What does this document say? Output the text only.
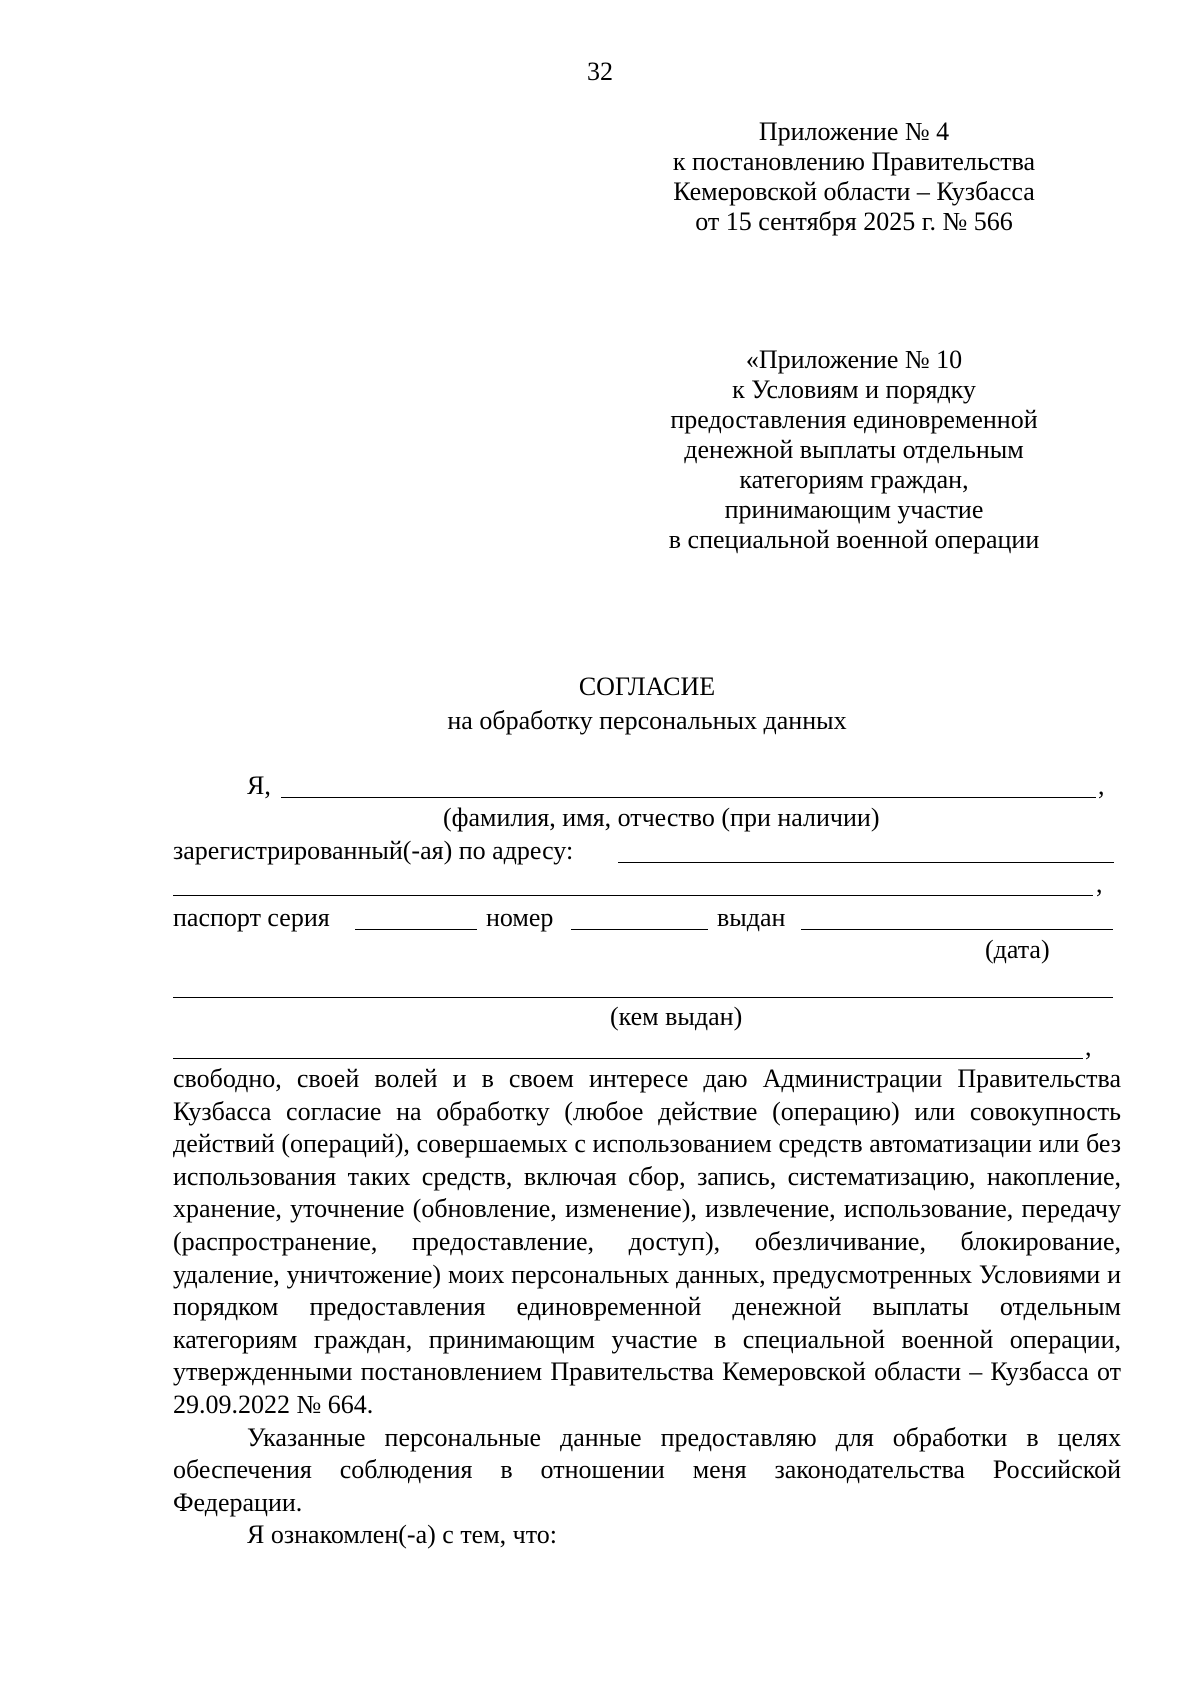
32
Приложение № 4
к постановлению Правительства
Кемеровской области – Кузбасса
от 15 сентября 2025 г. № 566
«Приложение № 10
к Условиям и порядку
предоставления единовременной
денежной выплаты отдельным
категориям граждан,
принимающим участие
в специальной военной операции
СОГЛАСИЕ
на обработку персональных данных
Я,	,
(фамилия, имя, отчество (при наличии)
зарегистрированный(-ая) по адресу:
,
паспорт серия	номер	выдан
(дата)
(кем выдан)
,

свободно, своей волей и в своем интересе даю Администрации Правительства Кузбасса согласие на обработку (любое действие (операцию) или совокупность действий (операций), совершаемых с использованием средств автоматизации или без использования таких средств, включая сбор, запись, систематизацию, накопление, хранение, уточнение (обновление, изменение), извлечение, использование, передачу (распространение, предоставление, доступ), обезличивание, блокирование, удаление, уничтожение) моих персональных данных, предусмотренных Условиями и порядком предоставления единовременной денежной выплаты отдельным категориям граждан, принимающим участие в специальной военной операции, утвержденными постановлением Правительства Кемеровской области – Кузбасса от 29.09.2022 № 664.

Указанные персональные данные предоставляю для обработки в целях обеспечения соблюдения в отношении меня законодательства Российской Федерации.

Я ознакомлен(-а) с тем, что:
